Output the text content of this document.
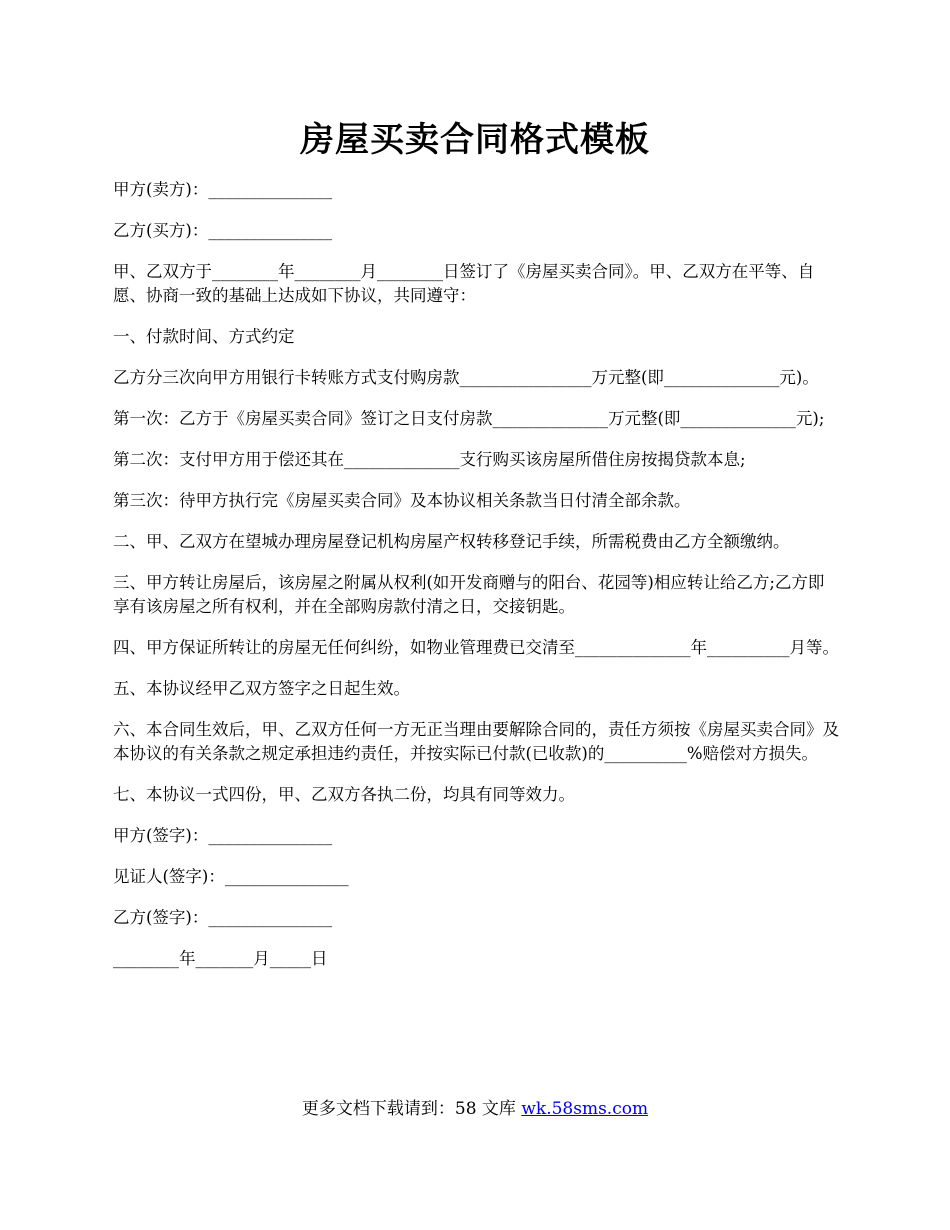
房屋买卖合同格式模板

甲方(卖方)：_______________

乙方(买方)：_______________

甲、乙双方于________年________月________日签订了《房屋买卖合同》。甲、乙双方在平等、自愿、协商一致的基础上达成如下协议，共同遵守：

一、付款时间、方式约定

乙方分三次向甲方用银行卡转账方式支付购房款________________万元整(即______________元)。

第一次：乙方于《房屋买卖合同》签订之日支付房款______________万元整(即______________元);

第二次：支付甲方用于偿还其在______________支行购买该房屋所借住房按揭贷款本息;

第三次：待甲方执行完《房屋买卖合同》及本协议相关条款当日付清全部余款。

二、甲、乙双方在望城办理房屋登记机构房屋产权转移登记手续，所需税费由乙方全额缴纳。

三、甲方转让房屋后，该房屋之附属从权利(如开发商赠与的阳台、花园等)相应转让给乙方;乙方即享有该房屋之所有权利，并在全部购房款付清之日，交接钥匙。

四、甲方保证所转让的房屋无任何纠纷，如物业管理费已交清至______________年__________月等。

五、本协议经甲乙双方签字之日起生效。

六、本合同生效后，甲、乙双方任何一方无正当理由要解除合同的，责任方须按《房屋买卖合同》及本协议的有关条款之规定承担违约责任，并按实际已付款(已收款)的__________%赔偿对方损失。

七、本协议一式四份，甲、乙双方各执二份，均具有同等效力。

甲方(签字)：_______________

见证人(签字)：_______________

乙方(签字)：_______________

________年_______月_____日

更多文档下载请到：58 文库 wk.58sms.com
